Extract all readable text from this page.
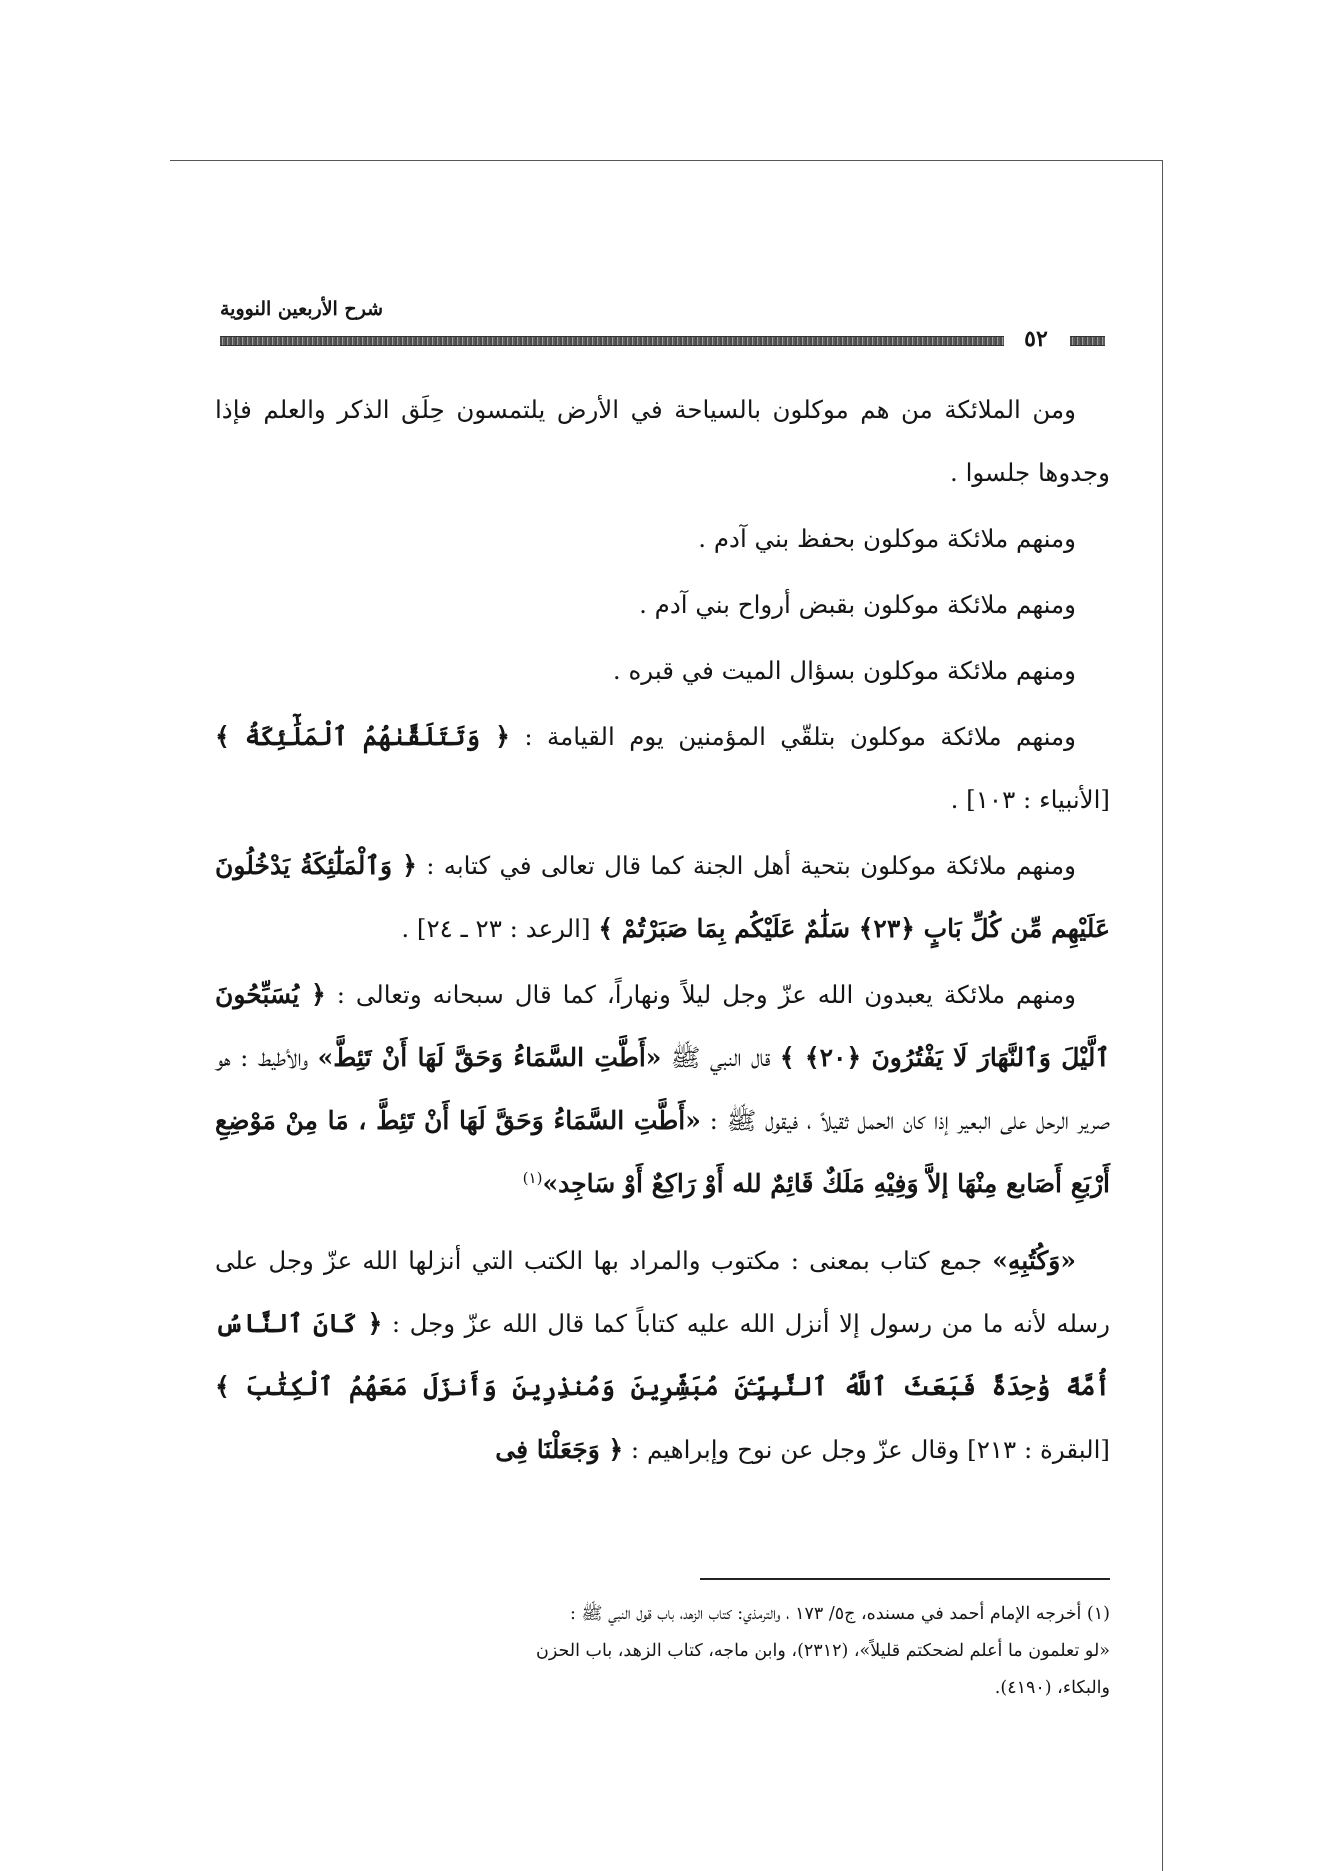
شرح الأربعين النووية
٥٢

ومن الملائكة من هم موكلون بالسياحة في الأرض يلتمسون حِلَق الذكر والعلم فإذا وجدوها جلسوا .

ومنهم ملائكة موكلون بحفظ بني آدم .

ومنهم ملائكة موكلون بقبض أرواح بني آدم .

ومنهم ملائكة موكلون بسؤال الميت في قبره .

ومنهم ملائكة موكلون بتلقّي المؤمنين يوم القيامة : ﴿ وَتَتَلَقَّىٰهُمُ ٱلْمَلَٰٓئِكَةُ ﴾ [الأنبياء : ١٠٣] .

ومنهم ملائكة موكلون بتحية أهل الجنة كما قال تعالى في كتابه : ﴿ وَٱلْمَلَٰٓئِكَةُ يَدْخُلُونَ عَلَيْهِم مِّن كُلِّ بَابٍ ﴿٢٣﴾ سَلَٰمٌ عَلَيْكُم بِمَا صَبَرْتُمْ ﴾ [الرعد : ٢٣ ـ ٢٤] .

ومنهم ملائكة يعبدون الله عزّ وجل ليلاً ونهاراً، كما قال سبحانه وتعالى : ﴿ يُسَبِّحُونَ ٱلَّيْلَ وَٱلنَّهَارَ لَا يَفْتُرُونَ ﴿٢٠﴾ ﴾ قال النبي ﷺ «أَطَّتِ السَّمَاءُ وَحَقَّ لَهَا أَنْ تَئِطَّ» والأطيط : هو صرير الرحل على البعير إذا كان الحمل ثقيلاً ، فيقول ﷺ : «أَطَّتِ السَّمَاءُ وَحَقَّ لَهَا أَنْ تَئِطَّ ، مَا مِنْ مَوْضِعِ أَرْبَعِ أَصَابع مِنْهَا إلاَّ وَفِيْهِ مَلَكٌ قَائِمٌ لله أَوْ رَاكِعٌ أَوْ سَاجِد»$^{(١)}$

«وَكُتُبِهِ» جمع كتاب بمعنى : مكتوب والمراد بها الكتب التي أنزلها الله عزّ وجل على رسله لأنه ما من رسول إلا أنزل الله عليه كتاباً كما قال الله عزّ وجل : ﴿ كَانَ ٱلنَّاسُ أُمَّةً وَٰحِدَةً فَبَعَثَ ٱللَّهُ ٱلنَّبِيِّـۧنَ مُبَشِّرِينَ وَمُنذِرِينَ وَأَنزَلَ مَعَهُمُ ٱلْكِتَٰبَ ﴾ [البقرة : ٢١٣] وقال عزّ وجل عن نوح وإبراهيم : ﴿ وَجَعَلْنَا فِى

(١) أخرجه الإمام أحمد في مسنده، ج٥/ ١٧٣ ، والترمذي: كتاب الزهد، باب قول النبي ﷺ :

«لو تعلمون ما أعلم لضحكتم قليلاً»، (٢٣١٢)، وابن ماجه، كتاب الزهد، باب الحزن

والبكاء، (٤١٩٠).
